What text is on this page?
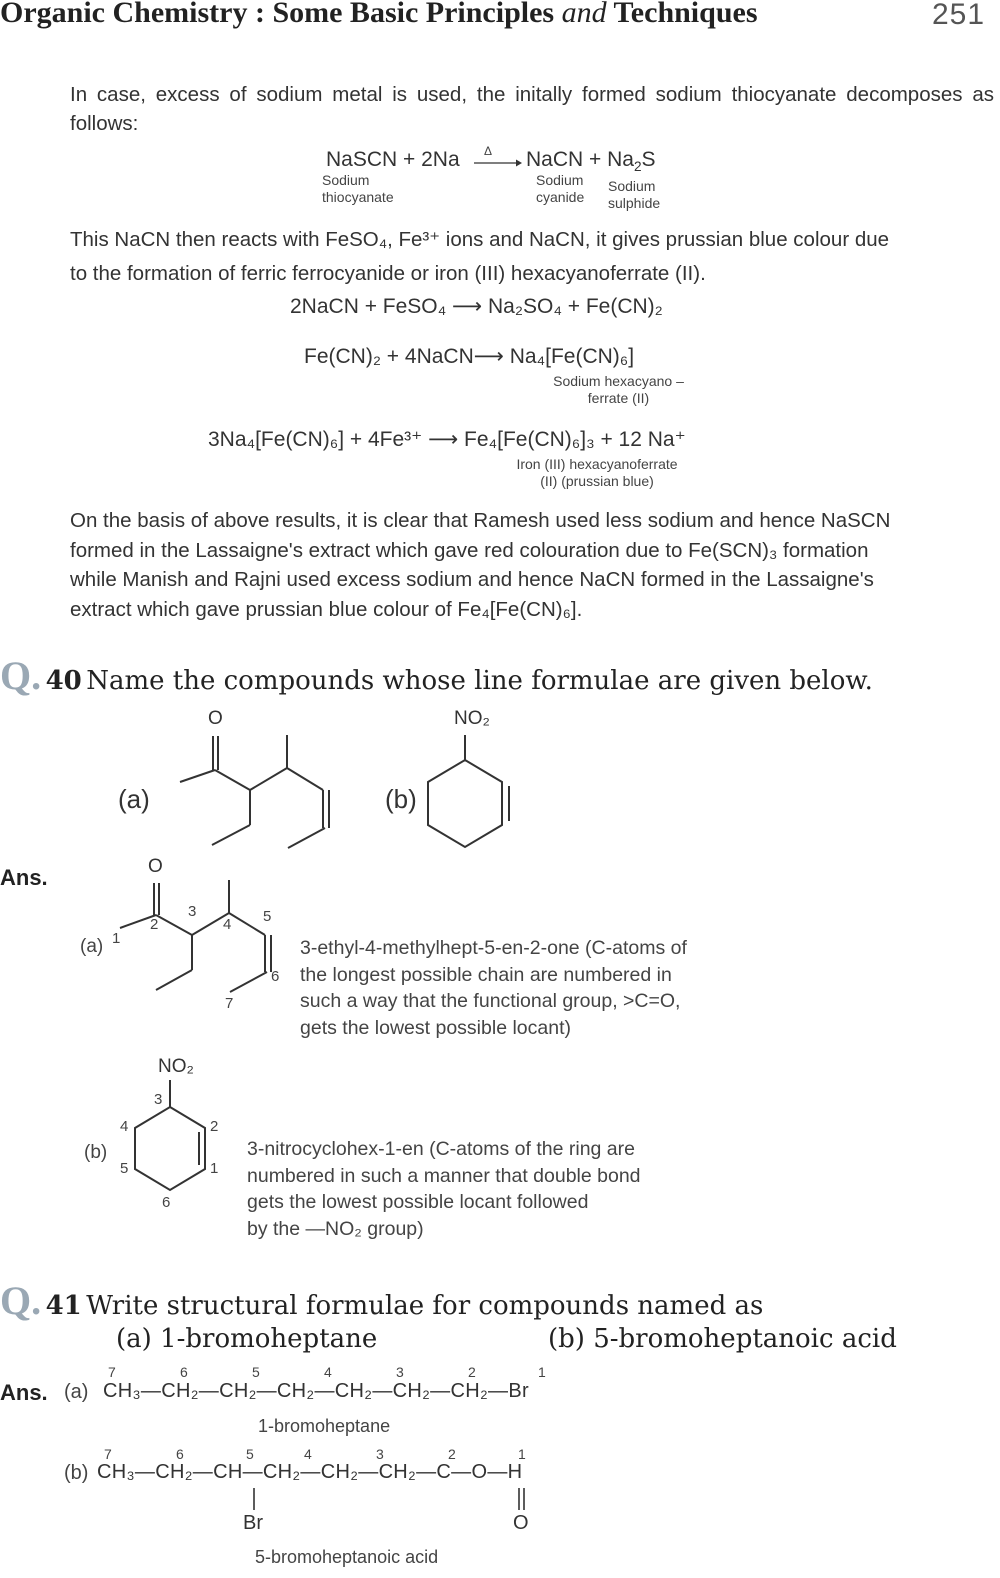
Organic Chemistry : Some Basic Principles and Techniques	251
In case, excess of sodium metal is used, the initally formed sodium thiocyanate decomposes as follows:
NaSCN + 2Na Δ NaCN + $Na_2S$
Sodium
thiocyanate
Sodium
cyanide
Sodium
sulphide
This NaCN then reacts with FeSO₄, Fe³⁺ ions and NaCN, it gives prussian blue colour due
to the formation of ferric ferrocyanide or iron (III) hexacyanoferrate (II).
2NaCN + FeSO₄ ⟶ Na₂SO₄ + Fe(CN)₂
Fe(CN)₂ + 4NaCN⟶ Na₄[Fe(CN)₆]
Sodium hexacyano –
ferrate (II)
3Na₄[Fe(CN)₆] + 4Fe³⁺ ⟶ Fe₄[Fe(CN)₆]₃ + 12 Na⁺
Iron (III) hexacyanoferrate
(II) (prussian blue)
On the basis of above results, it is clear that Ramesh used less sodium and hence NaSCN
formed in the Lassaigne's extract which gave red colouration due to Fe(SCN)₃ formation
while Manish and Rajni used excess sodium and hence NaCN formed in the Lassaigne's
extract which gave prussian blue colour of Fe₄[Fe(CN)₆].
Q. 40 Name the compounds whose line formulae are given below.
(a)
O
(b)
NO₂
Ans.
(a)
O
1
2
3
4 5
6
7
3-ethyl-4-methylhept-5-en-2-one (C-atoms of
the longest possible chain are numbered in
such a way that the functional group, >C=O,
gets the lowest possible locant)
(b)
NO₂
1
2
3
4
5
6
3-nitrocyclohex-1-en (C-atoms of the ring are
numbered in such a manner that double bond
gets the lowest possible locant followed
by the —NO₂ group)
Q. 41 Write structural formulae for compounds named as
(a) 1-bromoheptane	(b) 5-bromoheptanoic acid
Ans. (a) CH₃—CH₂—CH₂—CH₂—CH₂—CH₂—CH₂—Br
7	6	5	4	3	2	1
1-bromoheptane
(b) CH₃—CH₂—CH—CH₂—CH₂—CH₂—C—O—H
7	6	5	4	3	2	1
Br	O
5-bromoheptanoic acid
